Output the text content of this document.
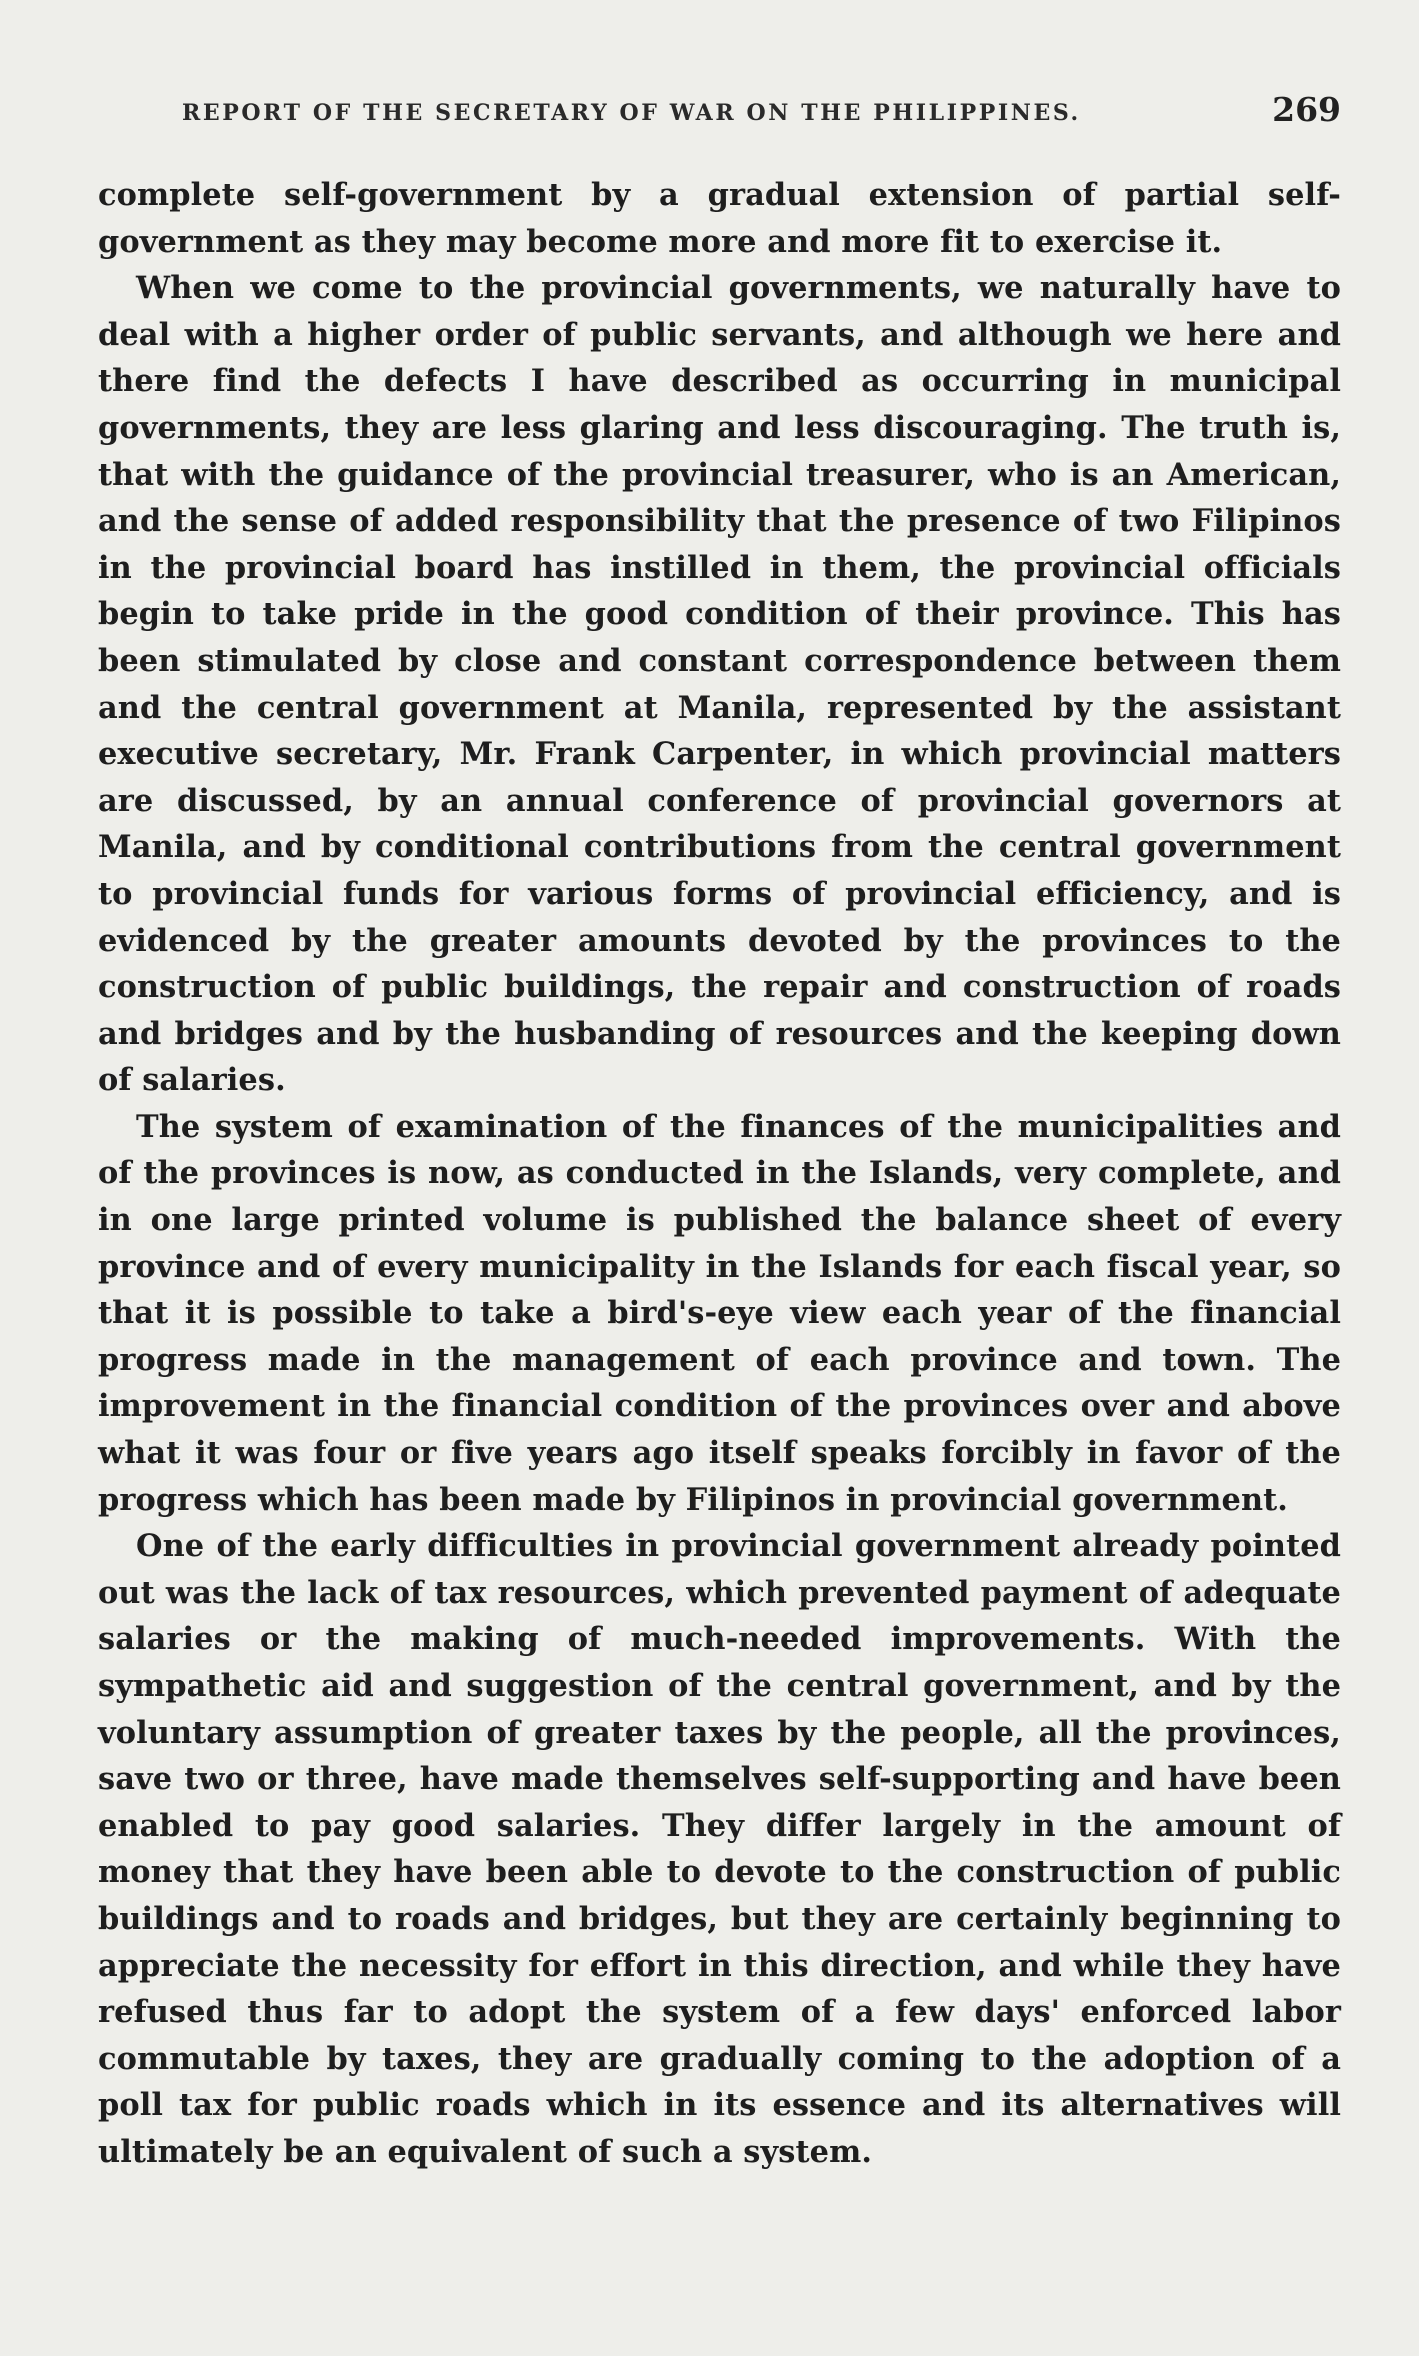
REPORT OF THE SECRETARY OF WAR ON THE PHILIPPINES.	269

complete self-government by a gradual extension of partial self-government as they may become more and more fit to exercise it.

When we come to the provincial governments, we naturally have to deal with a higher order of public servants, and although we here and there find the defects I have described as occurring in municipal governments, they are less glaring and less discouraging. The truth is, that with the guidance of the provincial treasurer, who is an American, and the sense of added responsibility that the presence of two Filipinos in the provincial board has instilled in them, the provincial officials begin to take pride in the good condition of their province. This has been stimulated by close and constant correspondence between them and the central government at Manila, represented by the assistant executive secretary, Mr. Frank Carpenter, in which provincial matters are discussed, by an annual conference of provincial governors at Manila, and by conditional contributions from the central government to provincial funds for various forms of provincial efficiency, and is evidenced by the greater amounts devoted by the provinces to the construction of public buildings, the repair and construction of roads and bridges and by the husbanding of resources and the keeping down of salaries.

The system of examination of the finances of the municipalities and of the provinces is now, as conducted in the Islands, very complete, and in one large printed volume is published the balance sheet of every province and of every municipality in the Islands for each fiscal year, so that it is possible to take a bird's-eye view each year of the financial progress made in the management of each province and town. The improvement in the financial condition of the provinces over and above what it was four or five years ago itself speaks forcibly in favor of the progress which has been made by Filipinos in provincial government.

One of the early difficulties in provincial government already pointed out was the lack of tax resources, which prevented payment of adequate salaries or the making of much-needed improvements. With the sympathetic aid and suggestion of the central government, and by the voluntary assumption of greater taxes by the people, all the provinces, save two or three, have made themselves self-supporting and have been enabled to pay good salaries. They differ largely in the amount of money that they have been able to devote to the construction of public buildings and to roads and bridges, but they are certainly beginning to appreciate the necessity for effort in this direction, and while they have refused thus far to adopt the system of a few days' enforced labor commutable by taxes, they are gradually coming to the adoption of a poll tax for public roads which in its essence and its alternatives will ultimately be an equivalent of such a system.
